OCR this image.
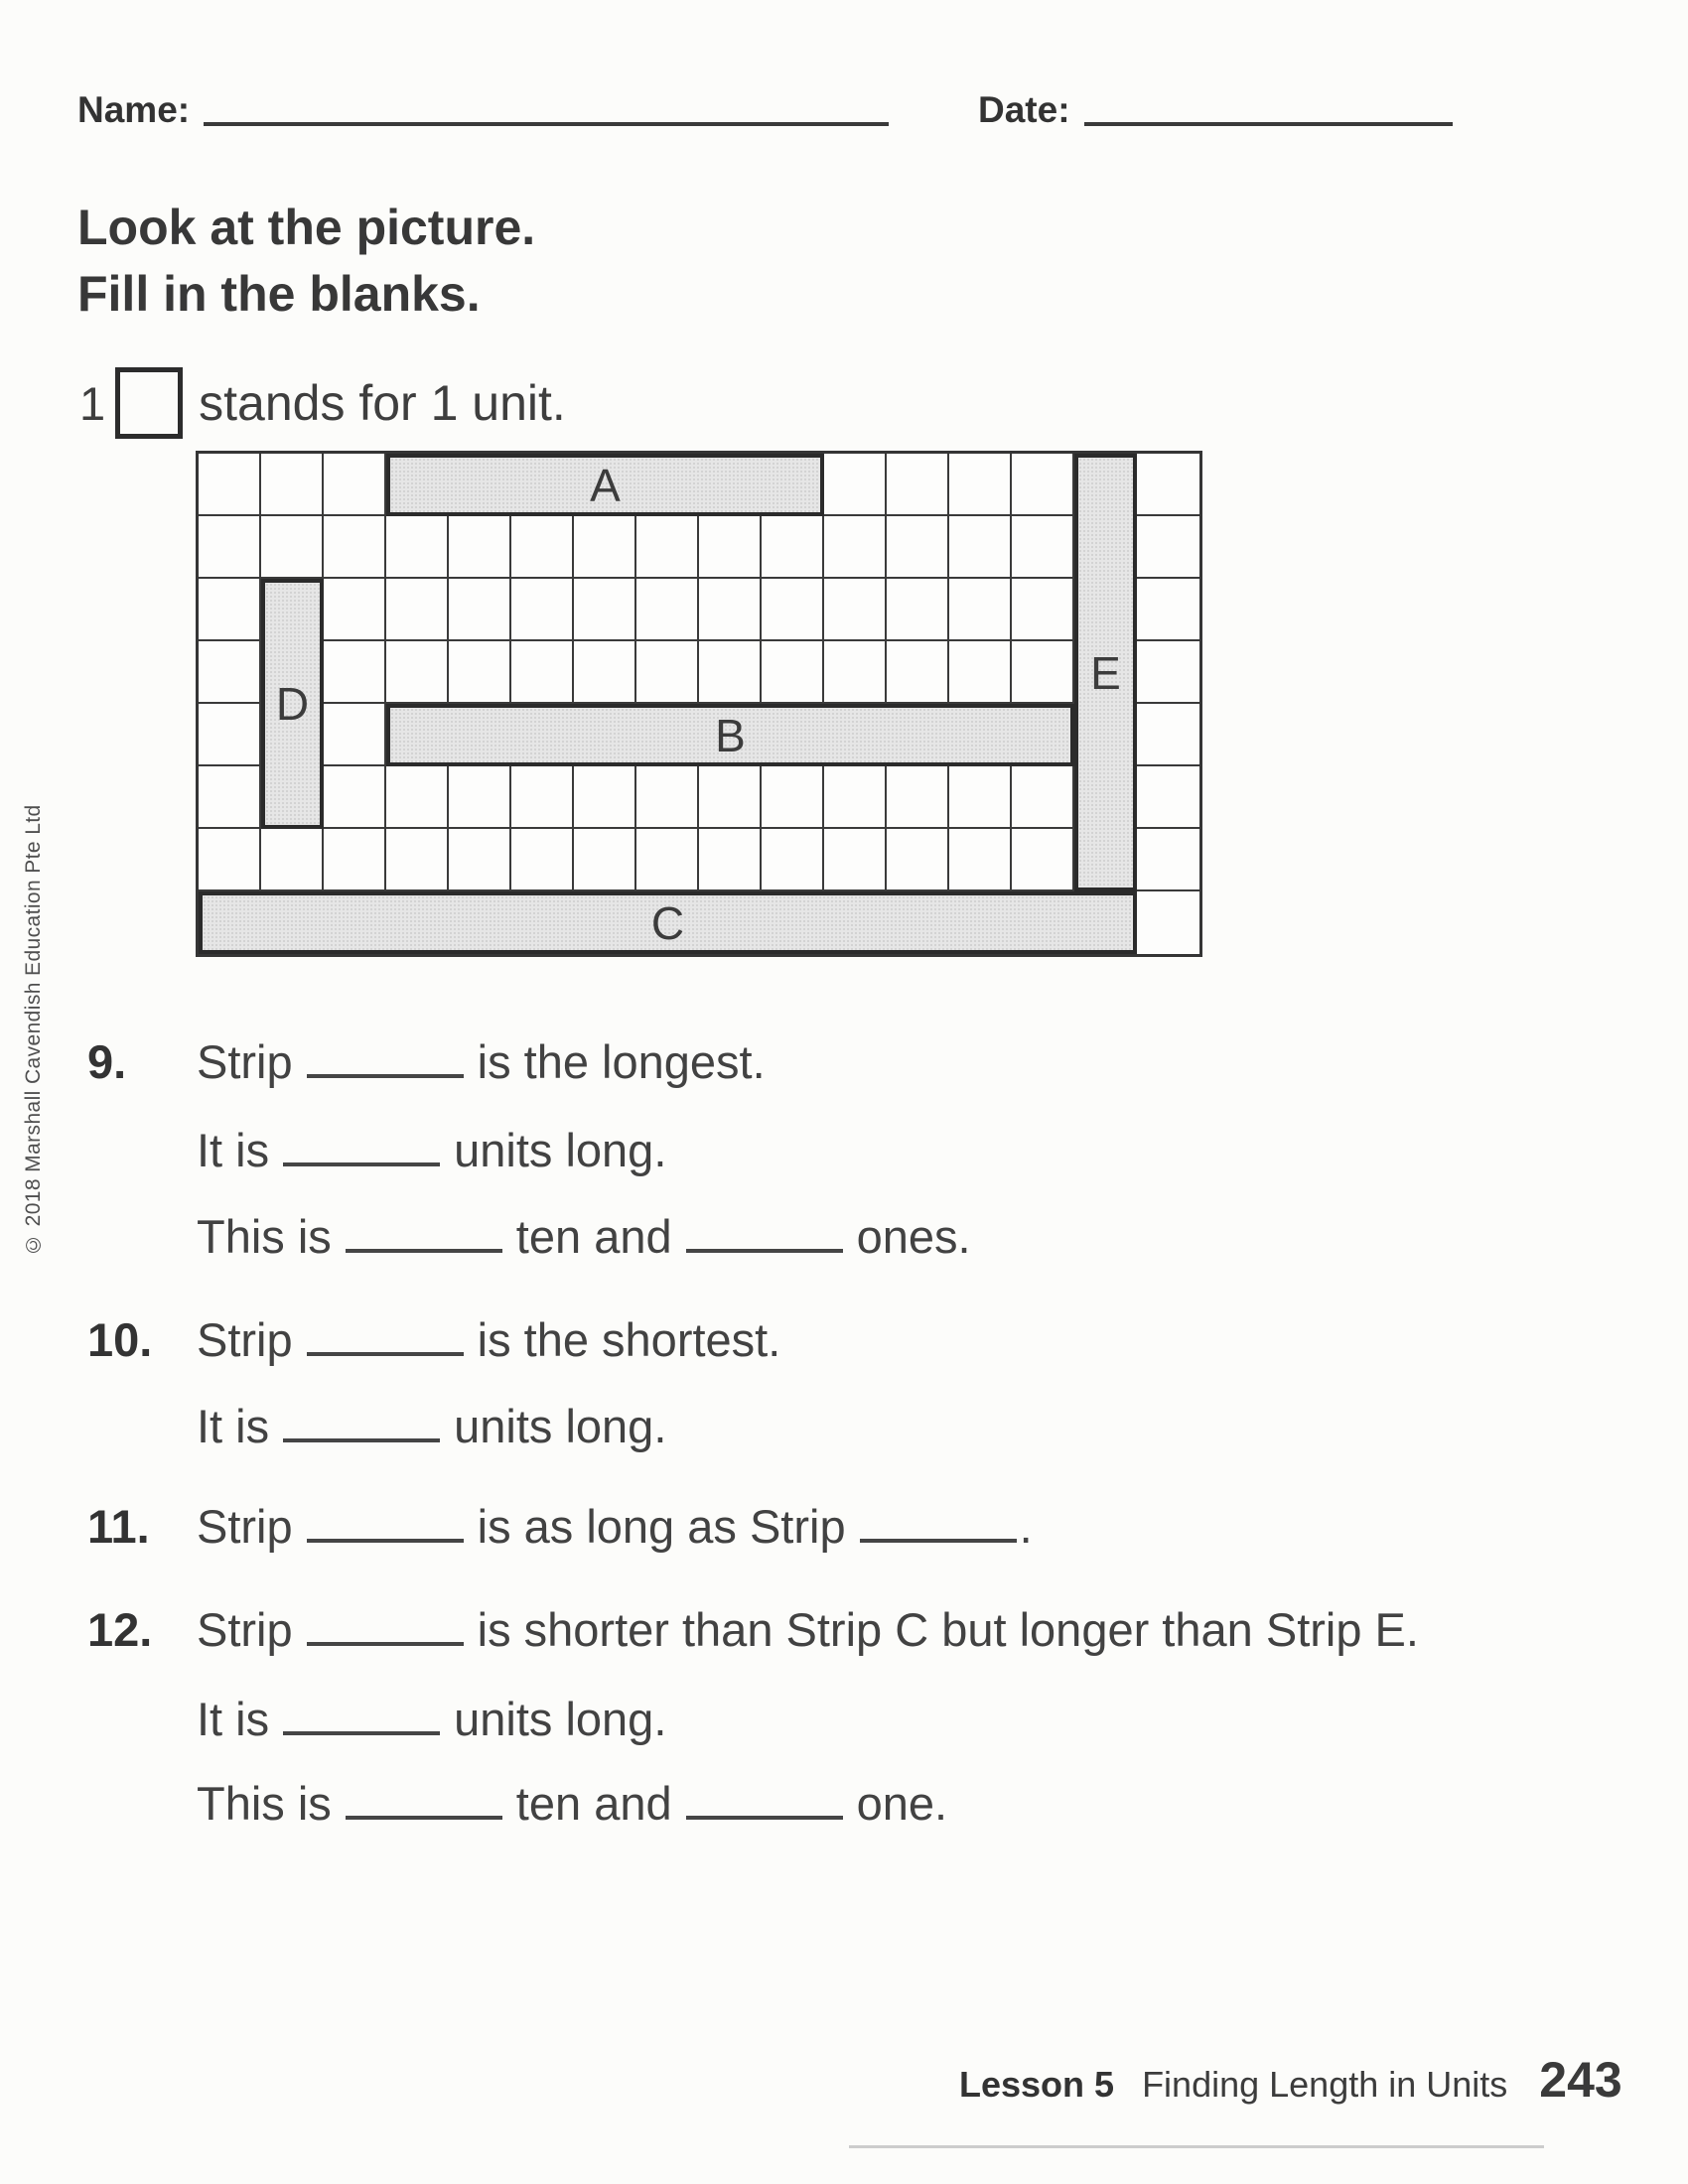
© 2018 Marshall Cavendish Education Pte Ltd
Name:	Date:
Look at the picture.
Fill in the blanks.
1 stands for 1 unit.
A
B
C
D
E
9.	Strip	is the longest.
It is	units long.
This is	ten and	ones.
10. Strip	is the shortest.
It is	units long.
11.	Strip	is as long as Strip	.
12. Strip	is shorter than Strip C but longer than Strip E.
It is	units long.
This is	ten and	one.
Lesson 5 Finding Length in Units 243
